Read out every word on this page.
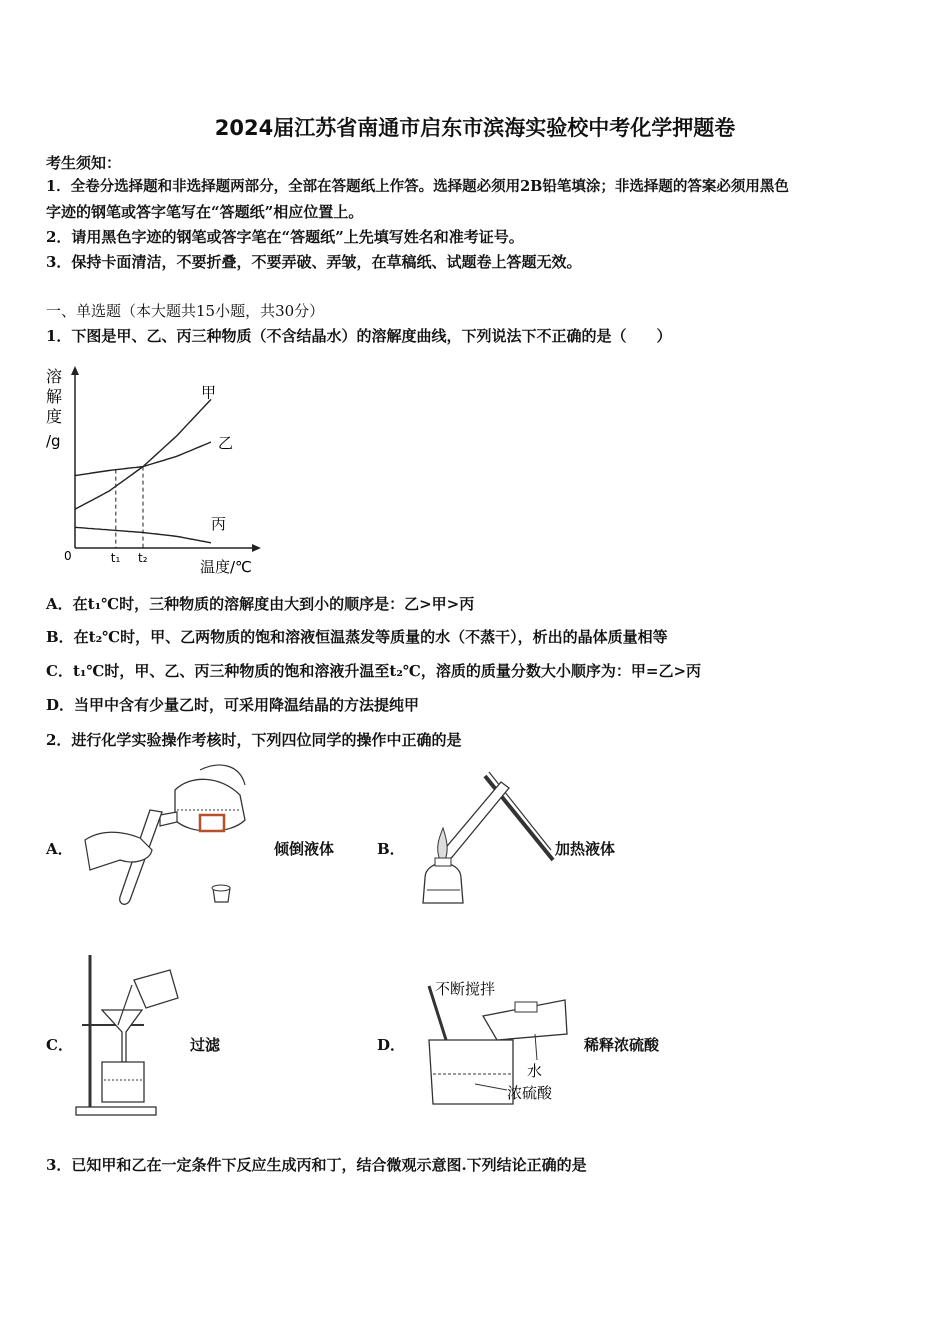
2024届江苏省南通市启东市滨海实验校中考化学押题卷
考生须知：
1．全卷分选择题和非选择题两部分，全部在答题纸上作答。选择题必须用2B铅笔填涂；非选择题的答案必须用黑色
字迹的钢笔或答字笔写在“答题纸”相应位置上。
2．请用黑色字迹的钢笔或答字笔在“答题纸”上先填写姓名和准考证号。
3．保持卡面清洁，不要折叠，不要弄破、弄皱，在草稿纸、试题卷上答题无效。
一、单选题（本大题共15小题，共30分）
1．下图是甲、乙、丙三种物质（不含结晶水）的溶解度曲线，下列说法下不正确的是（　　）
溶
解
度
/g
0
甲
乙
丙
t₁ t₂	温度/℃
A．在t₁℃时，三种物质的溶解度由大到小的顺序是：乙>甲>丙
B．在t₂℃时，甲、乙两物质的饱和溶液恒温蒸发等质量的水（不蒸干），析出的晶体质量相等
C．t₁℃时，甲、乙、丙三种物质的饱和溶液升温至t₂℃，溶质的质量分数大小顺序为：甲=乙>丙
D．当甲中含有少量乙时，可采用降温结晶的方法提纯甲
2．进行化学实验操作考核时，下列四位同学的操作中正确的是
A．	倾倒液体	B．	加热液体
C．	过滤	D．
不断搅拌
水
浓硫酸
稀释浓硫酸
3．已知甲和乙在一定条件下反应生成丙和丁，结合微观示意图.下列结论正确的是
